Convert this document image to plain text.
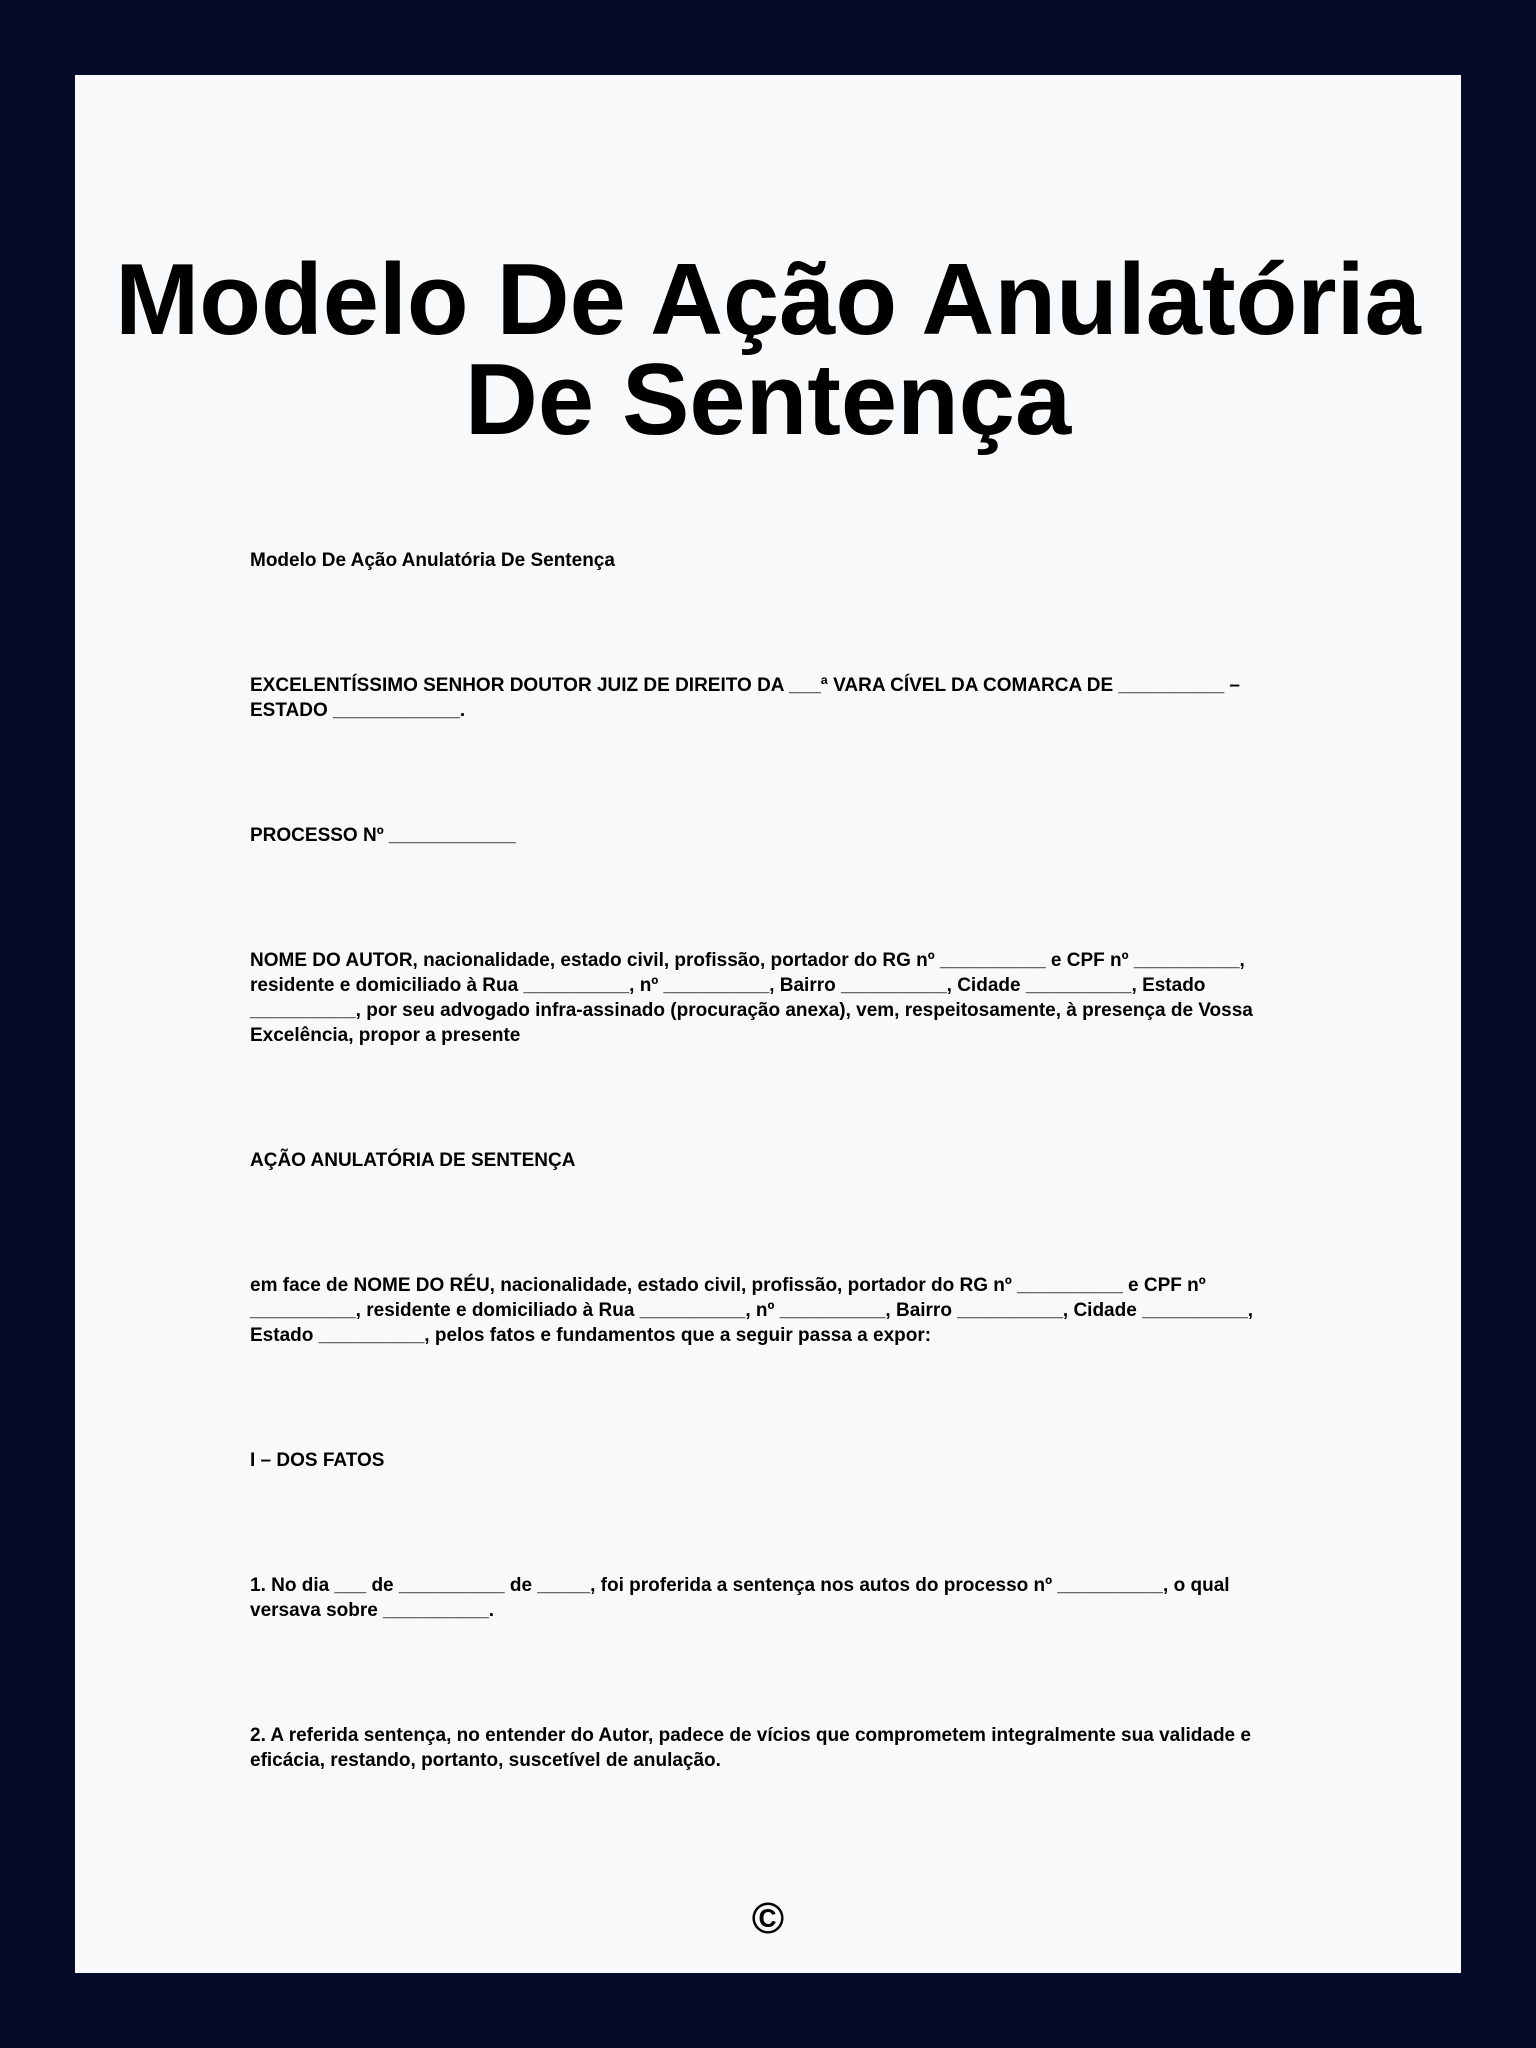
Modelo De Ação Anulatória De Sentença

Modelo De Ação Anulatória De Sentença

EXCELENTÍSSIMO SENHOR DOUTOR JUIZ DE DIREITO DA ___ª VARA CÍVEL DA COMARCA DE __________ – ESTADO ____________.

PROCESSO Nº ____________

NOME DO AUTOR, nacionalidade, estado civil, profissão, portador do RG nº __________ e CPF nº __________, residente e domiciliado à Rua __________, nº __________, Bairro __________, Cidade __________, Estado __________, por seu advogado infra-assinado (procuração anexa), vem, respeitosamente, à presença de Vossa Excelência, propor a presente

AÇÃO ANULATÓRIA DE SENTENÇA

em face de NOME DO RÉU, nacionalidade, estado civil, profissão, portador do RG nº __________ e CPF nº __________, residente e domiciliado à Rua __________, nº __________, Bairro __________, Cidade __________, Estado __________, pelos fatos e fundamentos que a seguir passa a expor:

I – DOS FATOS

1. No dia ___ de __________ de _____, foi proferida a sentença nos autos do processo nº __________, o qual versava sobre __________.

2. A referida sentença, no entender do Autor, padece de vícios que comprometem integralmente sua validade e eficácia, restando, portanto, suscetível de anulação.

©
